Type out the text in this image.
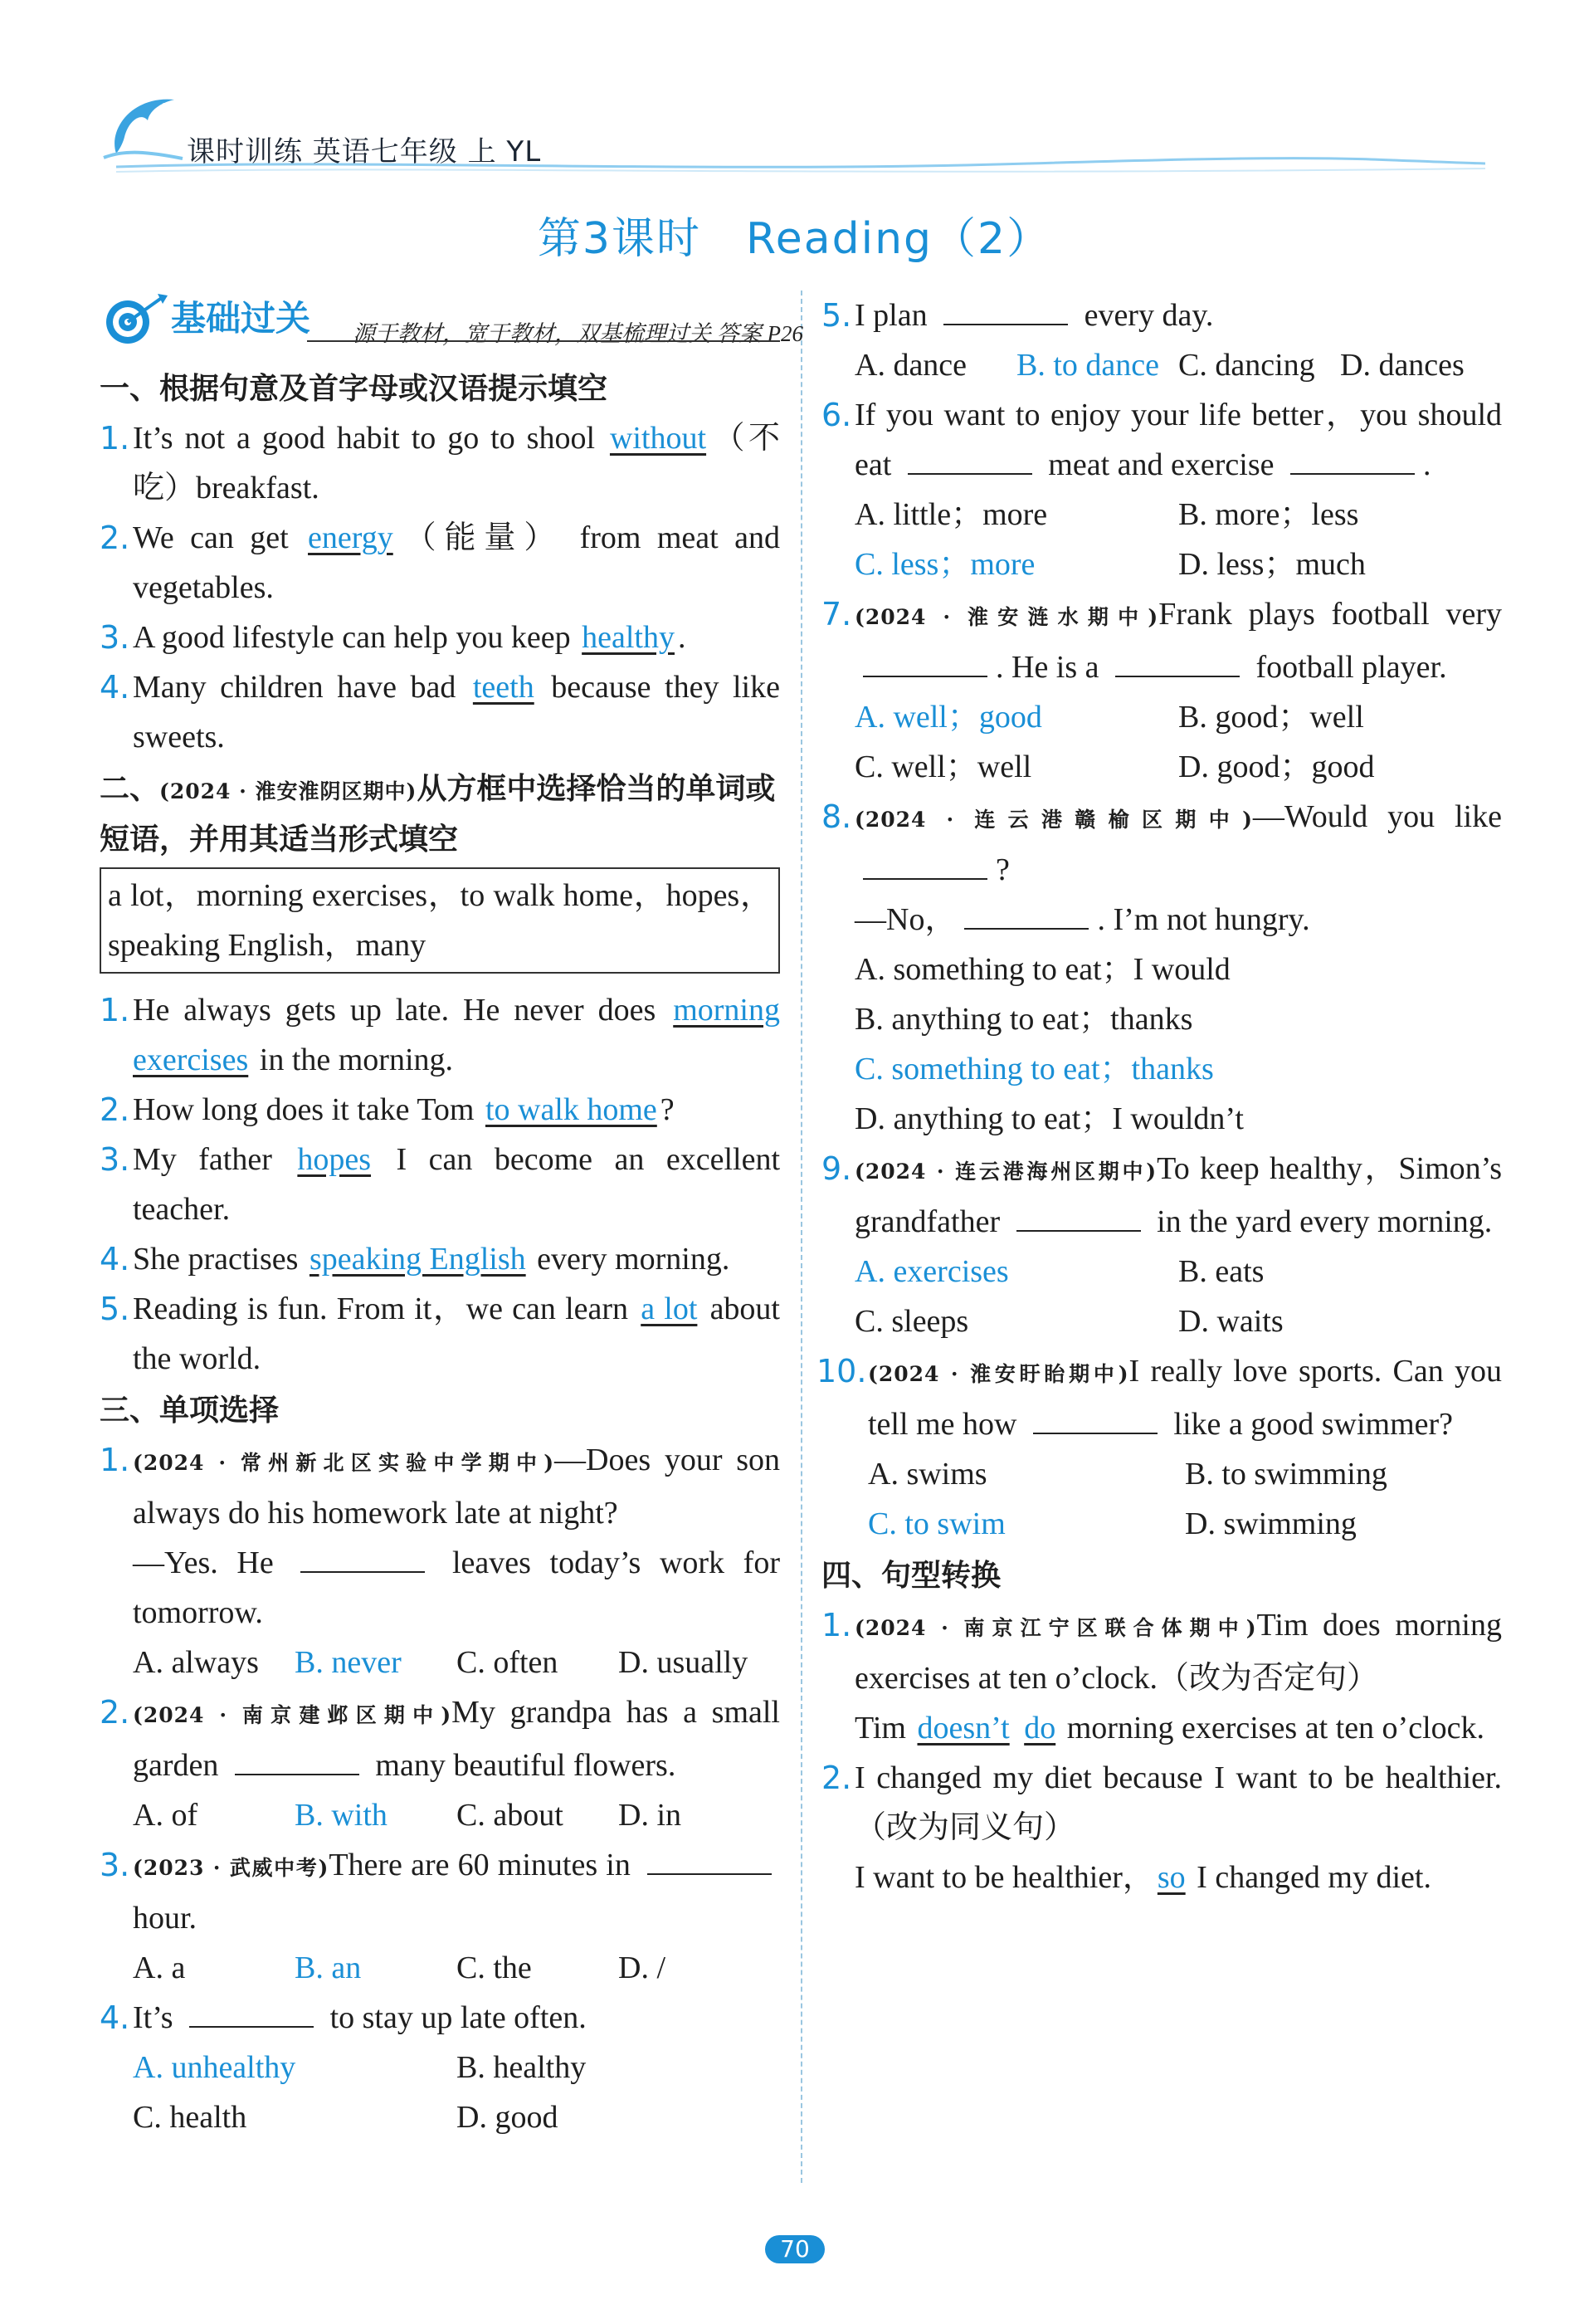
课时训练 英语七年级 上 YL
第3课时　Reading（2）
基础过关 源于教材，宽于教材，双基梳理过关 答案 P26
一、根据句意及首字母或汉语提示填空
1. It’s not a good habit to go to shool without （不吃）breakfast.
2. We can get energy （能量） from meat and vegetables.
3. A good lifestyle can help you keep healthy .
4. Many children have bad teeth because they like sweets.
二、(2024 · 淮安淮阴区期中)从方框中选择恰当的单词或短语，并用其适当形式填空
a lot，morning exercises，to walk home，hopes，speaking English，many
1. He always gets up late. He never does morning exercises in the morning.
2. How long does it take Tom to walk home ?
3. My father hopes I can become an excellent teacher.
4. She practises speaking English every morning.
5. Reading is fun. From it，we can learn a lot about the world.
三、单项选择
1. (2024 · 常州新北区实验中学期中)—Does your son always do his homework late at night?
—Yes. He	leaves today’s work for tomorrow.
A. always	B. never	C. often	D. usually
2. (2024 · 南京建邺区期中)My grandpa has a small garden	many beautiful flowers.
A. of	B. with	C. about	D. in
3. (2023 · 武威中考)There are 60 minutes in  hour.
A. a	B. an	C. the	D. /
4. It’s	to stay up late often.
A. unhealthy	B. healthy
C. health	D. good
5. I plan	every day.
A. dance	B. to dance C. dancing D. dances
6. If you want to enjoy your life better，you should eat	meat and exercise	.
A. little；more	B. more；less
C. less；more	D. less；much
7. (2024 · 淮安涟水期中)Frank plays football very . He is a	football player.
A. well；good	B. good；well
C. well；well	D. good；good
8. (2024 · 连云港赣榆区期中)—Would you like ?
—No，	. I’m not hungry.
A. something to eat；I would
B. anything to eat；thanks
C. something to eat；thanks
D. anything to eat；I wouldn’t
9. (2024 · 连云港海州区期中)To keep healthy，Simon’s grandfather	in the yard every morning.
A. exercises	B. eats
C. sleeps	D. waits
10. (2024 · 淮安盱眙期中)I really love sports. Can you tell me how	like a good swimmer?
A. swims	B. to swimming
C. to swim	D. swimming
四、句型转换
1. (2024 · 南京江宁区联合体期中)Tim does morning exercises at ten o’clock.（改为否定句）
Tim doesn’t do morning exercises at ten o’clock.
2. I changed my diet because I want to be healthier.（改为同义句）
I want to be healthier， so I changed my diet.
70
